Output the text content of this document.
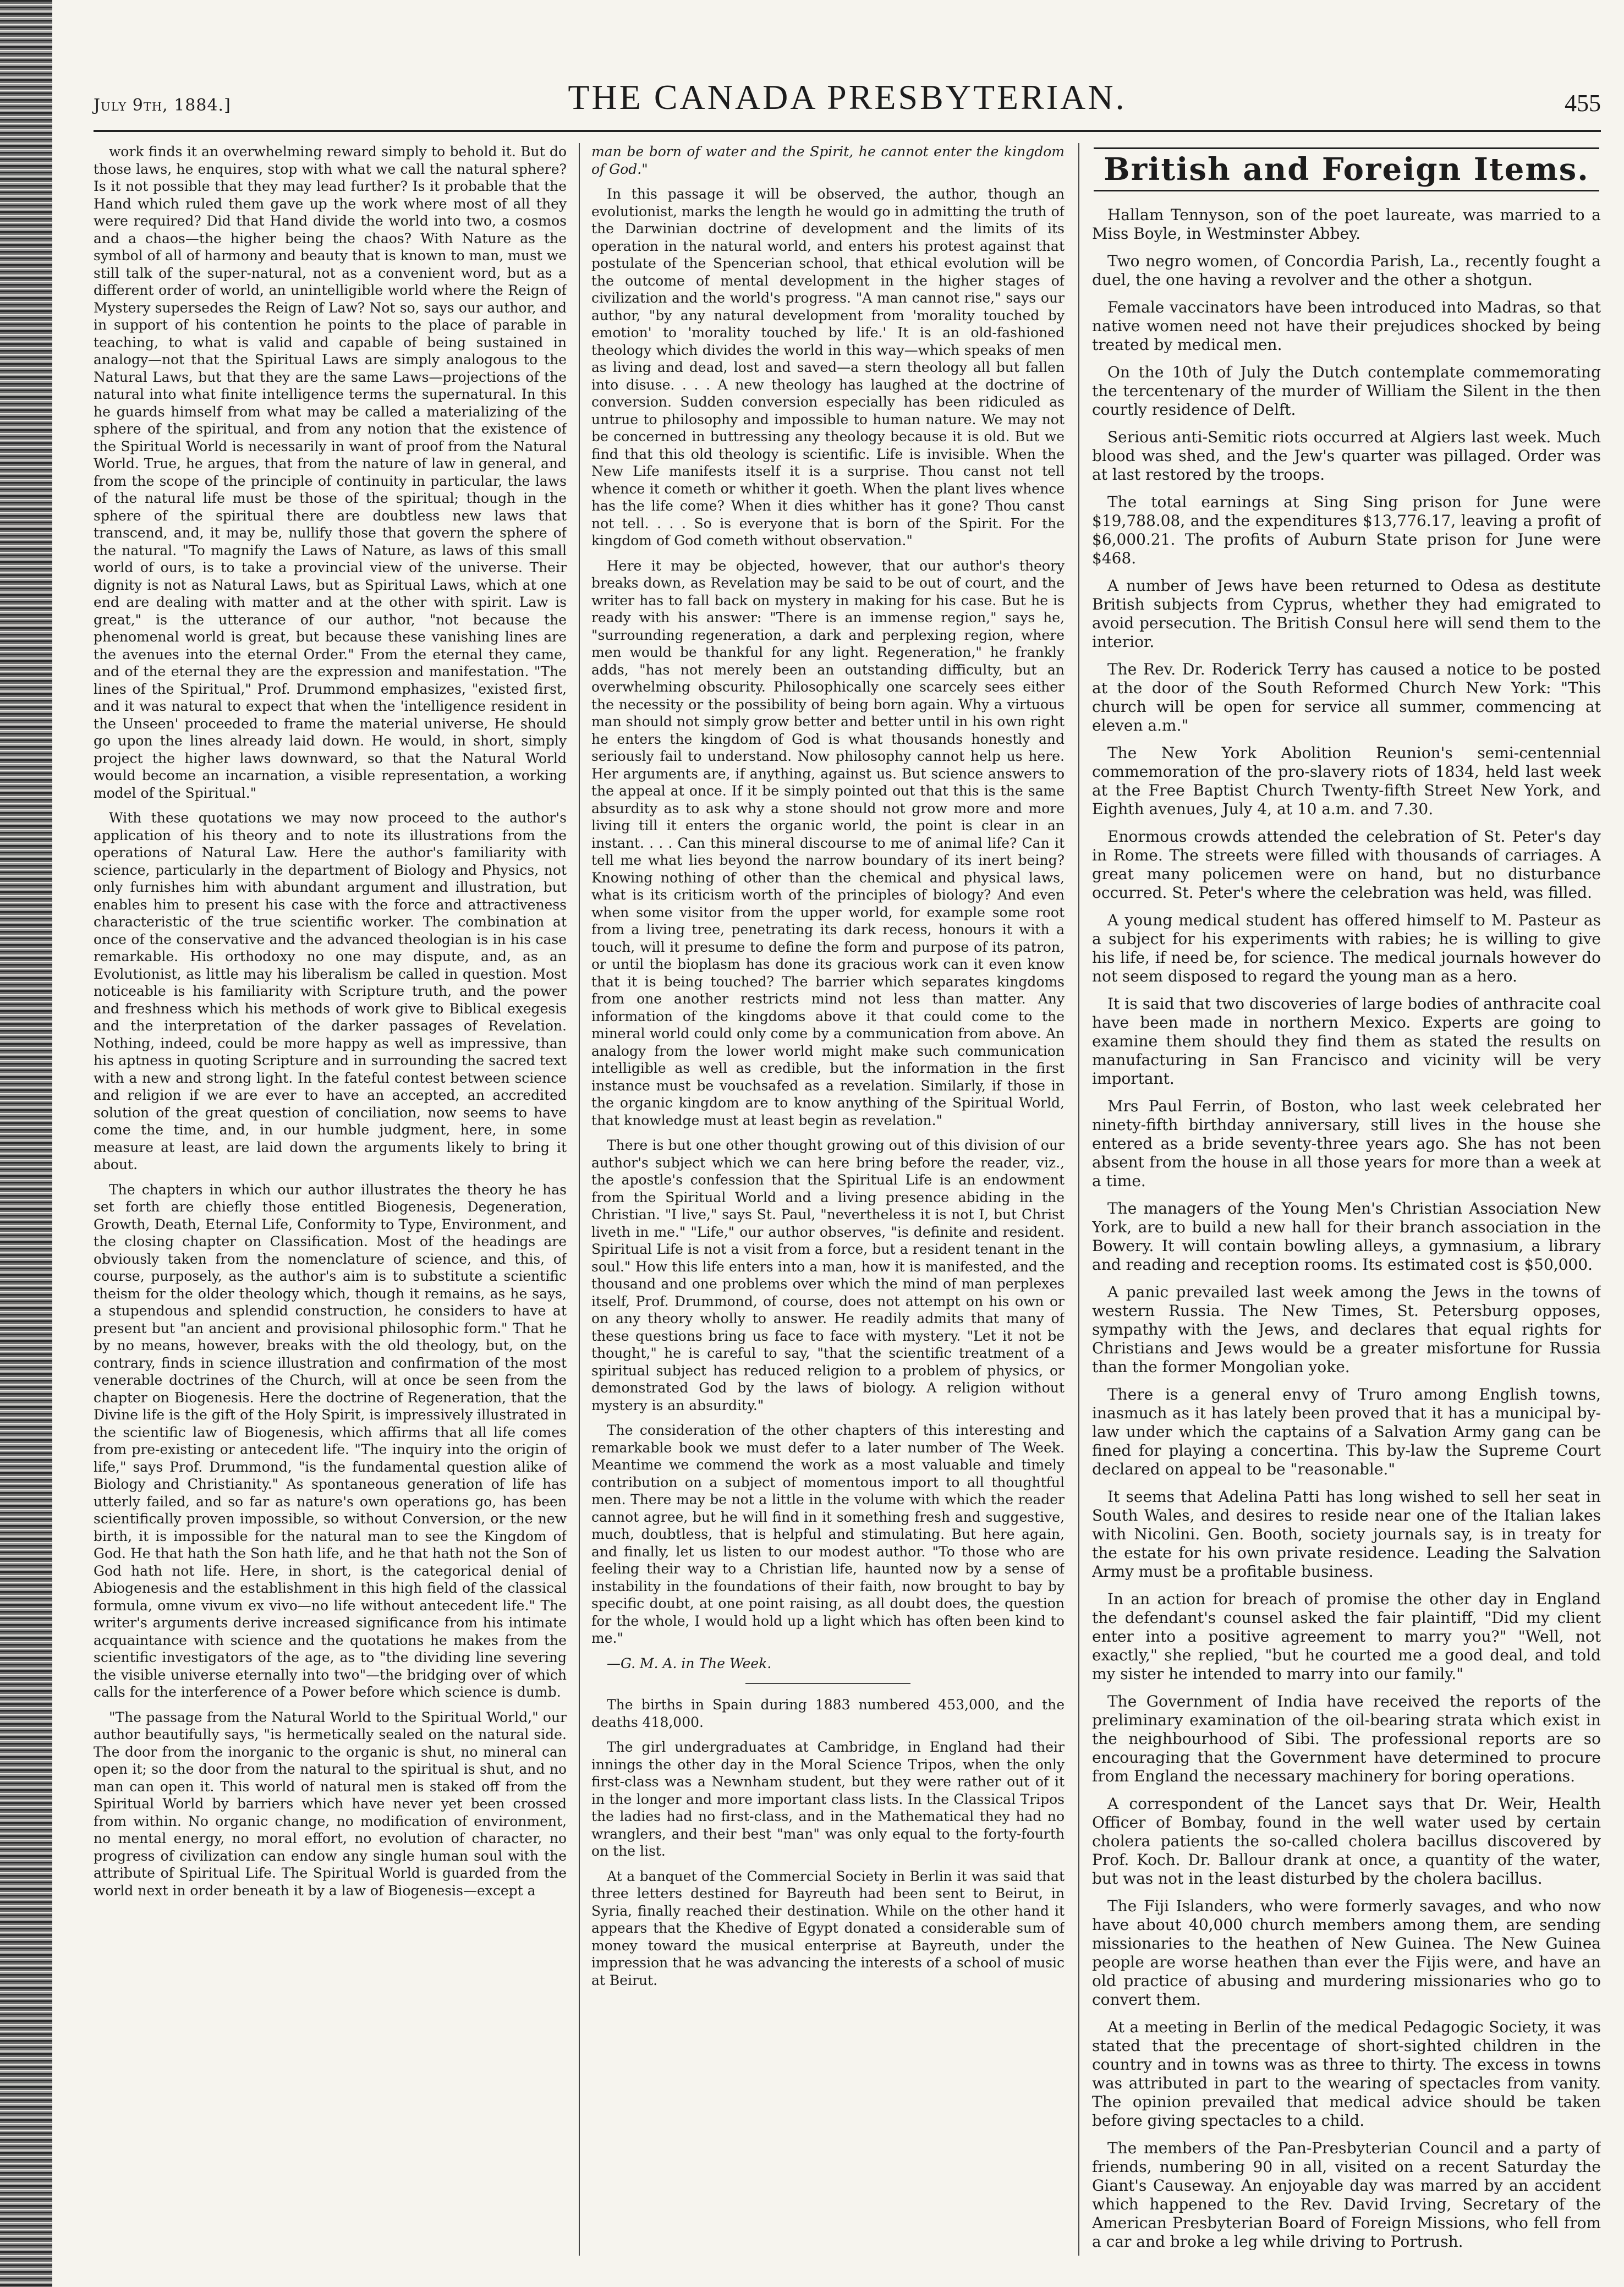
July 9th, 1884.]	THE CANADA PRESBYTERIAN.	455

work finds it an overwhelming reward simply to behold it. But do those laws, he enquires, stop with what we call the natural sphere? Is it not possible that they may lead further? Is it probable that the Hand which ruled them gave up the work where most of all they were required? Did that Hand divide the world into two, a cosmos and a chaos—the higher being the chaos? With Nature as the symbol of all of harmony and beauty that is known to man, must we still talk of the super-natural, not as a convenient word, but as a different order of world, an unintelligible world where the Reign of Mystery supersedes the Reign of Law? Not so, says our author, and in support of his contention he points to the place of parable in teaching, to what is valid and capable of being sustained in analogy—not that the Spiritual Laws are simply analogous to the Natural Laws, but that they are the same Laws—projections of the natural into what finite intelligence terms the supernatural. In this he guards himself from what may be called a materializing of the sphere of the spiritual, and from any notion that the existence of the Spiritual World is necessarily in want of proof from the Natural World. True, he argues, that from the nature of law in general, and from the scope of the principle of continuity in particular, the laws of the natural life must be those of the spiritual; though in the sphere of the spiritual there are doubtless new laws that transcend, and, it may be, nullify those that govern the sphere of the natural. "To magnify the Laws of Nature, as laws of this small world of ours, is to take a provincial view of the universe. Their dignity is not as Natural Laws, but as Spiritual Laws, which at one end are dealing with matter and at the other with spirit. Law is great," is the utterance of our author, "not because the phenomenal world is great, but because these vanishing lines are the avenues into the eternal Order." From the eternal they came, and of the eternal they are the expression and manifestation. "The lines of the Spiritual," Prof. Drummond emphasizes, "existed first, and it was natural to expect that when the 'intelligence resident in the Unseen' proceeded to frame the material universe, He should go upon the lines already laid down. He would, in short, simply project the higher laws downward, so that the Natural World would become an incarnation, a visible representation, a working model of the Spiritual."

With these quotations we may now proceed to the author's application of his theory and to note its illustrations from the operations of Natural Law. Here the author's familiarity with science, particularly in the department of Biology and Physics, not only furnishes him with abundant argument and illustration, but enables him to present his case with the force and attractiveness characteristic of the true scientific worker. The combination at once of the conservative and the advanced theologian is in his case remarkable. His orthodoxy no one may dispute, and, as an Evolutionist, as little may his liberalism be called in question. Most noticeable is his familiarity with Scripture truth, and the power and freshness which his methods of work give to Biblical exegesis and the interpretation of the darker passages of Revelation. Nothing, indeed, could be more happy as well as impressive, than his aptness in quoting Scripture and in surrounding the sacred text with a new and strong light. In the fateful contest between science and religion if we are ever to have an accepted, an accredited solution of the great question of conciliation, now seems to have come the time, and, in our humble judgment, here, in some measure at least, are laid down the arguments likely to bring it about.

The chapters in which our author illustrates the theory he has set forth are chiefly those entitled Biogenesis, Degeneration, Growth, Death, Eternal Life, Conformity to Type, Environment, and the closing chapter on Classification. Most of the headings are obviously taken from the nomenclature of science, and this, of course, purposely, as the author's aim is to substitute a scientific theism for the older theology which, though it remains, as he says, a stupendous and splendid construction, he considers to have at present but "an ancient and provisional philosophic form." That he by no means, however, breaks with the old theology, but, on the contrary, finds in science illustration and confirmation of the most venerable doctrines of the Church, will at once be seen from the chapter on Biogenesis. Here the doctrine of Regeneration, that the Divine life is the gift of the Holy Spirit, is impressively illustrated in the scientific law of Biogenesis, which affirms that all life comes from pre-existing or antecedent life. "The inquiry into the origin of life," says Prof. Drummond, "is the fundamental question alike of Biology and Christianity." As spontaneous generation of life has utterly failed, and so far as nature's own operations go, has been scientifically proven impossible, so without Conversion, or the new birth, it is impossible for the natural man to see the Kingdom of God. He that hath the Son hath life, and he that hath not the Son of God hath not life. Here, in short, is the categorical denial of Abiogenesis and the establishment in this high field of the classical formula, omne vivum ex vivo—no life without antecedent life." The writer's arguments derive increased significance from his intimate acquaintance with science and the quotations he makes from the scientific investigators of the age, as to "the dividing line severing the visible universe eternally into two"—the bridging over of which calls for the interference of a Power before which science is dumb.

"The passage from the Natural World to the Spiritual World," our author beautifully says, "is hermetically sealed on the natural side. The door from the inorganic to the organic is shut, no mineral can open it; so the door from the natural to the spiritual is shut, and no man can open it. This world of natural men is staked off from the Spiritual World by barriers which have never yet been crossed from within. No organic change, no modification of environment, no mental energy, no moral effort, no evolution of character, no progress of civilization can endow any single human soul with the attribute of Spiritual Life. The Spiritual World is guarded from the world next in order beneath it by a law of Biogenesis—except a

man be born of water and the Spirit, he cannot enter the kingdom of God."

In this passage it will be observed, the author, though an evolutionist, marks the length he would go in admitting the truth of the Darwinian doctrine of development and the limits of its operation in the natural world, and enters his protest against that postulate of the Spencerian school, that ethical evolution will be the outcome of mental development in the higher stages of civilization and the world's progress. "A man cannot rise," says our author, "by any natural development from 'morality touched by emotion' to 'morality touched by life.' It is an old-fashioned theology which divides the world in this way—which speaks of men as living and dead, lost and saved—a stern theology all but fallen into disuse. . . . A new theology has laughed at the doctrine of conversion. Sudden conversion especially has been ridiculed as untrue to philosophy and impossible to human nature. We may not be concerned in buttressing any theology because it is old. But we find that this old theology is scientific. Life is invisible. When the New Life manifests itself it is a surprise. Thou canst not tell whence it cometh or whither it goeth. When the plant lives whence has the life come? When it dies whither has it gone? Thou canst not tell. . . . So is everyone that is born of the Spirit. For the kingdom of God cometh without observation."

Here it may be objected, however, that our author's theory breaks down, as Revelation may be said to be out of court, and the writer has to fall back on mystery in making for his case. But he is ready with his answer: "There is an immense region," says he, "surrounding regeneration, a dark and perplexing region, where men would be thankful for any light. Regeneration," he frankly adds, "has not merely been an outstanding difficulty, but an overwhelming obscurity. Philosophically one scarcely sees either the necessity or the possibility of being born again. Why a virtuous man should not simply grow better and better until in his own right he enters the kingdom of God is what thousands honestly and seriously fail to understand. Now philosophy cannot help us here. Her arguments are, if anything, against us. But science answers to the appeal at once. If it be simply pointed out that this is the same absurdity as to ask why a stone should not grow more and more living till it enters the organic world, the point is clear in an instant. . . . Can this mineral discourse to me of animal life? Can it tell me what lies beyond the narrow boundary of its inert being? Knowing nothing of other than the chemical and physical laws, what is its criticism worth of the principles of biology? And even when some visitor from the upper world, for example some root from a living tree, penetrating its dark recess, honours it with a touch, will it presume to define the form and purpose of its patron, or until the bioplasm has done its gracious work can it even know that it is being touched? The barrier which separates kingdoms from one another restricts mind not less than matter. Any information of the kingdoms above it that could come to the mineral world could only come by a communication from above. An analogy from the lower world might make such communication intelligible as well as credible, but the information in the first instance must be vouchsafed as a revelation. Similarly, if those in the organic kingdom are to know anything of the Spiritual World, that knowledge must at least begin as revelation."

There is but one other thought growing out of this division of our author's subject which we can here bring before the reader, viz., the apostle's confession that the Spiritual Life is an endowment from the Spiritual World and a living presence abiding in the Christian. "I live," says St. Paul, "nevertheless it is not I, but Christ liveth in me." "Life," our author observes, "is definite and resident. Spiritual Life is not a visit from a force, but a resident tenant in the soul." How this life enters into a man, how it is manifested, and the thousand and one problems over which the mind of man perplexes itself, Prof. Drummond, of course, does not attempt on his own or on any theory wholly to answer. He readily admits that many of these questions bring us face to face with mystery. "Let it not be thought," he is careful to say, "that the scientific treatment of a spiritual subject has reduced religion to a problem of physics, or demonstrated God by the laws of biology. A religion without mystery is an absurdity."

The consideration of the other chapters of this interesting and remarkable book we must defer to a later number of The Week. Meantime we commend the work as a most valuable and timely contribution on a subject of momentous import to all thoughtful men. There may be not a little in the volume with which the reader cannot agree, but he will find in it something fresh and suggestive, much, doubtless, that is helpful and stimulating. But here again, and finally, let us listen to our modest author. "To those who are feeling their way to a Christian life, haunted now by a sense of instability in the foundations of their faith, now brought to bay by specific doubt, at one point raising, as all doubt does, the question for the whole, I would hold up a light which has often been kind to me."

—G. M. A. in The Week.

The births in Spain during 1883 numbered 453,000, and the deaths 418,000.

The girl undergraduates at Cambridge, in England had their innings the other day in the Moral Science Tripos, when the only first-class was a Newnham student, but they were rather out of it in the longer and more important class lists. In the Classical Tripos the ladies had no first-class, and in the Mathematical they had no wranglers, and their best "man" was only equal to the forty-fourth on the list.

At a banquet of the Commercial Society in Berlin it was said that three letters destined for Bayreuth had been sent to Beirut, in Syria, finally reached their destination. While on the other hand it appears that the Khedive of Egypt donated a considerable sum of money toward the musical enterprise at Bayreuth, under the impression that he was advancing the interests of a school of music at Beirut.

British and Foreign Items.

Hallam Tennyson, son of the poet laureate, was married to a Miss Boyle, in Westminster Abbey.

Two negro women, of Concordia Parish, La., recently fought a duel, the one having a revolver and the other a shotgun.

Female vaccinators have been introduced into Madras, so that native women need not have their prejudices shocked by being treated by medical men.

On the 10th of July the Dutch contemplate commemorating the tercentenary of the murder of William the Silent in the then courtly residence of Delft.

Serious anti-Semitic riots occurred at Algiers last week. Much blood was shed, and the Jew's quarter was pillaged. Order was at last restored by the troops.

The total earnings at Sing Sing prison for June were $19,788.08, and the expenditures $13,776.17, leaving a profit of $6,000.21. The profits of Auburn State prison for June were $468.

A number of Jews have been returned to Odesa as destitute British subjects from Cyprus, whether they had emigrated to avoid persecution. The British Consul here will send them to the interior.

The Rev. Dr. Roderick Terry has caused a notice to be posted at the door of the South Reformed Church New York: "This church will be open for service all summer, commencing at eleven a.m."

The New York Abolition Reunion's semi-centennial commemoration of the pro-slavery riots of 1834, held last week at the Free Baptist Church Twenty-fifth Street New York, and Eighth avenues, July 4, at 10 a.m. and 7.30.

Enormous crowds attended the celebration of St. Peter's day in Rome. The streets were filled with thousands of carriages. A great many policemen were on hand, but no disturbance occurred. St. Peter's where the celebration was held, was filled.

A young medical student has offered himself to M. Pasteur as a subject for his experiments with rabies; he is willing to give his life, if need be, for science. The medical journals however do not seem disposed to regard the young man as a hero.

It is said that two discoveries of large bodies of anthracite coal have been made in northern Mexico. Experts are going to examine them should they find them as stated the results on manufacturing in San Francisco and vicinity will be very important.

Mrs Paul Ferrin, of Boston, who last week celebrated her ninety-fifth birthday anniversary, still lives in the house she entered as a bride seventy-three years ago. She has not been absent from the house in all those years for more than a week at a time.

The managers of the Young Men's Christian Association New York, are to build a new hall for their branch association in the Bowery. It will contain bowling alleys, a gymnasium, a library and reading and reception rooms. Its estimated cost is $50,000.

A panic prevailed last week among the Jews in the towns of western Russia. The New Times, St. Petersburg opposes, sympathy with the Jews, and declares that equal rights for Christians and Jews would be a greater misfortune for Russia than the former Mongolian yoke.

There is a general envy of Truro among English towns, inasmuch as it has lately been proved that it has a municipal by-law under which the captains of a Salvation Army gang can be fined for playing a concertina. This by-law the Supreme Court declared on appeal to be "reasonable."

It seems that Adelina Patti has long wished to sell her seat in South Wales, and desires to reside near one of the Italian lakes with Nicolini. Gen. Booth, society journals say, is in treaty for the estate for his own private residence. Leading the Salvation Army must be a profitable business.

In an action for breach of promise the other day in England the defendant's counsel asked the fair plaintiff, "Did my client enter into a positive agreement to marry you?" "Well, not exactly," she replied, "but he courted me a good deal, and told my sister he intended to marry into our family."

The Government of India have received the reports of the preliminary examination of the oil-bearing strata which exist in the neighbourhood of Sibi. The professional reports are so encouraging that the Government have determined to procure from England the necessary machinery for boring operations.

A correspondent of the Lancet says that Dr. Weir, Health Officer of Bombay, found in the well water used by certain cholera patients the so-called cholera bacillus discovered by Prof. Koch. Dr. Ballour drank at once, a quantity of the water, but was not in the least disturbed by the cholera bacillus.

The Fiji Islanders, who were formerly savages, and who now have about 40,000 church members among them, are sending missionaries to the heathen of New Guinea. The New Guinea people are worse heathen than ever the Fijis were, and have an old practice of abusing and murdering missionaries who go to convert them.

At a meeting in Berlin of the medical Pedagogic Society, it was stated that the precentage of short-sighted children in the country and in towns was as three to thirty. The excess in towns was attributed in part to the wearing of spectacles from vanity. The opinion prevailed that medical advice should be taken before giving spectacles to a child.

The members of the Pan-Presbyterian Council and a party of friends, numbering 90 in all, visited on a recent Saturday the Giant's Causeway. An enjoyable day was marred by an accident which happened to the Rev. David Irving, Secretary of the American Presbyterian Board of Foreign Missions, who fell from a car and broke a leg while driving to Portrush.
